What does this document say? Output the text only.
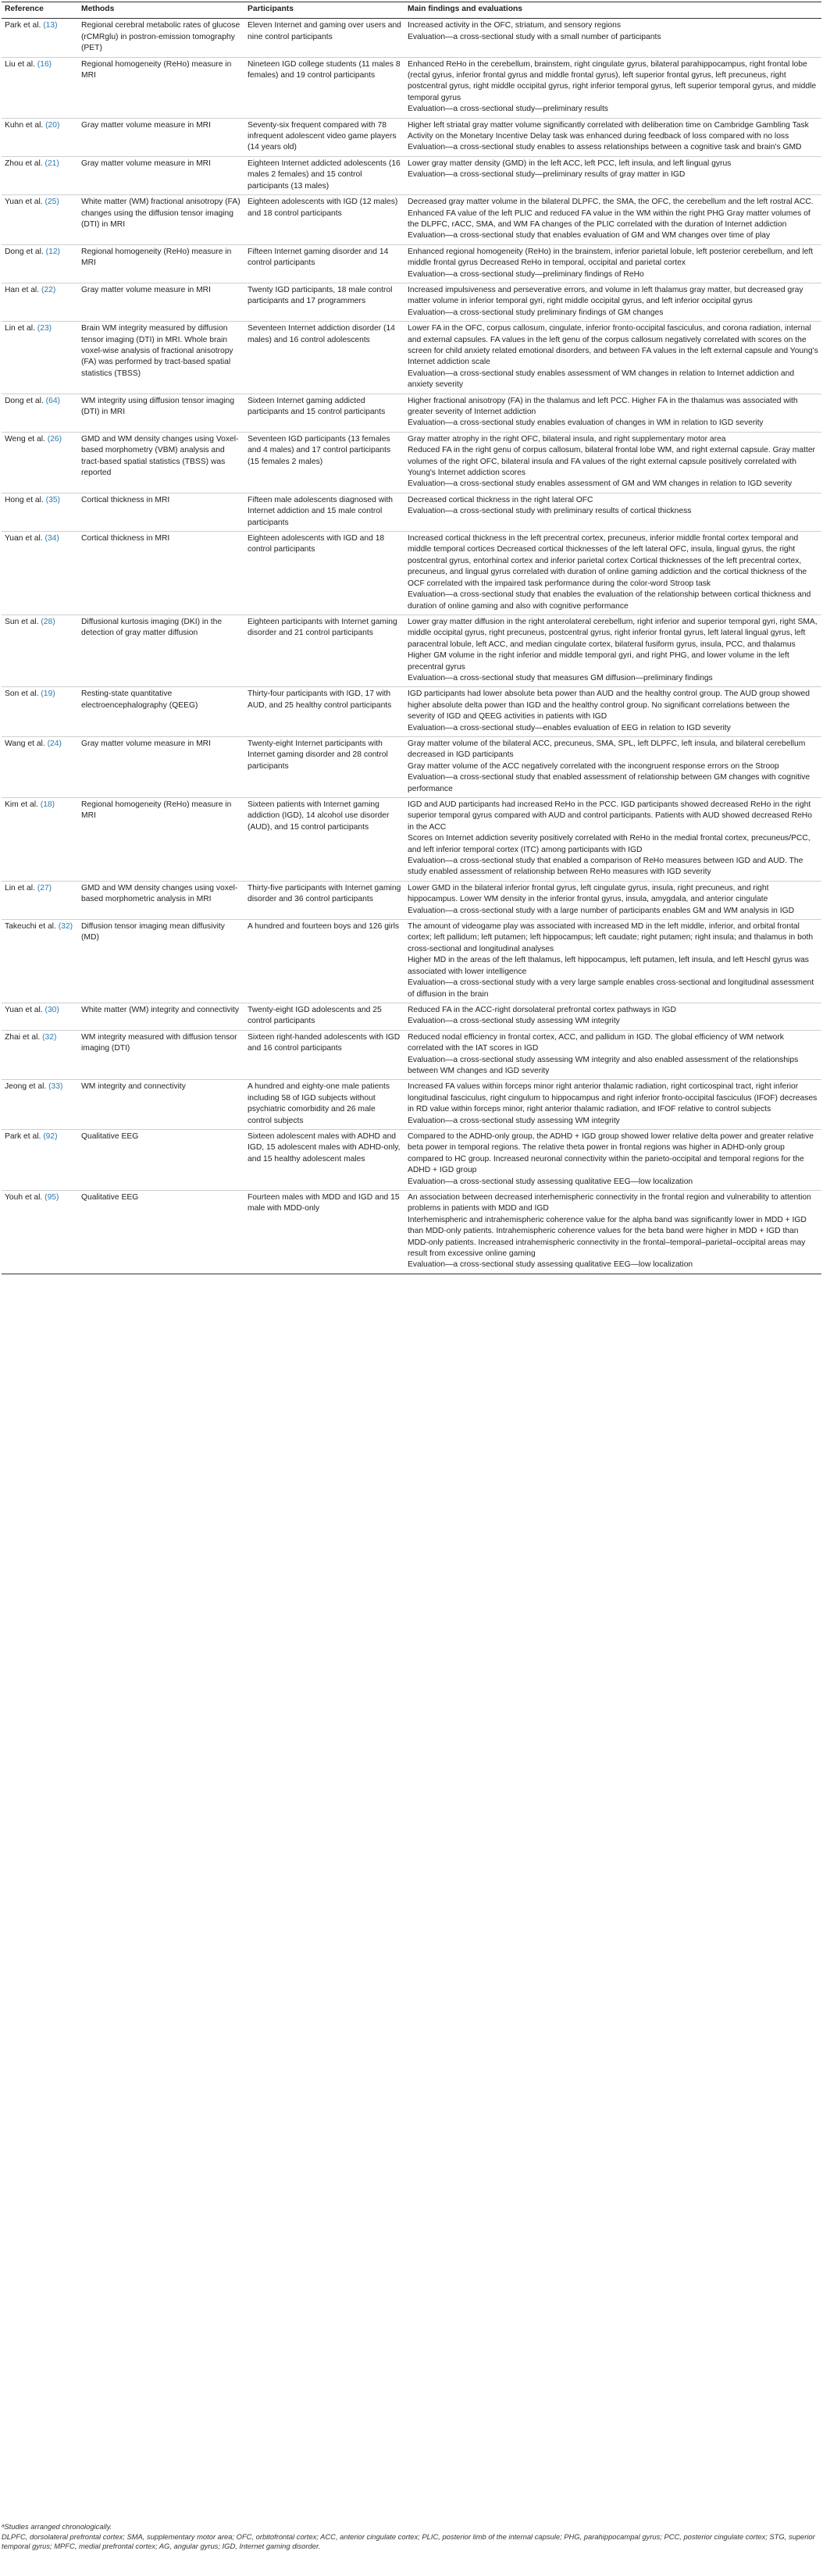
Reference	Methods	Participants	Main findings and evaluations
Park et al. (13)	Regional cerebral metabolic rates of glucose (rCMRglu) in postron-emission tomography (PET)	Eleven Internet and gaming over users and nine control participants	Increased activity in the OFC, striatum, and sensory regions
Evaluation—a cross-sectional study with a small number of participants

Liu et al. (16)	Regional homogeneity (ReHo) measure in MRI	Nineteen IGD college students (11 males 8 females) and 19 control participants	Enhanced ReHo in the cerebellum, brainstem, right cingulate gyrus, bilateral parahippocampus, right frontal lobe (rectal gyrus, inferior frontal gyrus and middle frontal gyrus), left superior frontal gyrus, left precuneus, right postcentral gyrus, right middle occipital gyrus, right inferior temporal gyrus, left superior temporal gyrus, and middle temporal gyrus
Evaluation—a cross-sectional study—preliminary results

Kuhn et al. (20)	Gray matter volume measure in MRI	Seventy-six frequent compared with 78 infrequent adolescent video game players (14 years old)	Higher left striatal gray matter volume significantly correlated with deliberation time on Cambridge Gambling Task Activity on the Monetary Incentive Delay task was enhanced during feedback of loss compared with no loss
Evaluation—a cross-sectional study enables to assess relationships between a cognitive task and brain's GMD

Zhou et al. (21)	Gray matter volume measure in MRI	Eighteen Internet addicted adolescents (16 males 2 females) and 15 control participants (13 males)	Lower gray matter density (GMD) in the left ACC, left PCC, left insula, and left lingual gyrus
Evaluation—a cross-sectional study—preliminary results of gray matter in IGD

Yuan et al. (25)	White matter (WM) fractional anisotropy (FA) changes using the diffusion tensor imaging (DTI) in MRI	Eighteen adolescents with IGD (12 males) and 18 control participants	Decreased gray matter volume in the bilateral DLPFC, the SMA, the OFC, the cerebellum and the left rostral ACC. Enhanced FA value of the left PLIC and reduced FA value in the WM within the right PHG Gray matter volumes of the DLPFC, rACC, SMA, and WM FA changes of the PLIC correlated with the duration of Internet addiction
Evaluation—a cross-sectional study that enables evaluation of GM and WM changes over time of play

Dong et al. (12)	Regional homogeneity (ReHo) measure in MRI	Fifteen Internet gaming disorder and 14 control participants	Enhanced regional homogeneity (ReHo) in the brainstem, inferior parietal lobule, left posterior cerebellum, and left middle frontal gyrus Decreased ReHo in temporal, occipital and parietal cortex
Evaluation—a cross-sectional study—preliminary findings of ReHo

Han et al. (22)	Gray matter volume measure in MRI	Twenty IGD participants, 18 male control participants and 17 programmers	Increased impulsiveness and perseverative errors, and volume in left thalamus gray matter, but decreased gray matter volume in inferior temporal gyri, right middle occipital gyrus, and left inferior occipital gyrus
Evaluation—a cross-sectional study preliminary findings of GM changes

Lin et al. (23)	Brain WM integrity measured by diffusion tensor imaging (DTI) in MRI. Whole brain voxel-wise analysis of fractional anisotropy (FA) was performed by tract-based spatial statistics (TBSS)	Seventeen Internet addiction disorder (14 males) and 16 control adolescents	Lower FA in the OFC, corpus callosum, cingulate, inferior fronto-occipital fasciculus, and corona radiation, internal and external capsules. FA values in the left genu of the corpus callosum negatively correlated with scores on the screen for child anxiety related emotional disorders, and between FA values in the left external capsule and Young's Internet addiction scale
Evaluation—a cross-sectional study enables assessment of WM changes in relation to Internet addiction and anxiety severity

Dong et al. (64)	WM integrity using diffusion tensor imaging (DTI) in MRI	Sixteen Internet gaming addicted participants and 15 control participants	Higher fractional anisotropy (FA) in the thalamus and left PCC. Higher FA in the thalamus was associated with greater severity of Internet addiction
Evaluation—a cross-sectional study enables evaluation of changes in WM in relation to IGD severity

Weng et al. (26)	GMD and WM density changes using Voxel-based morphometry (VBM) analysis and tract-based spatial statistics (TBSS) was reported	Seventeen IGD participants (13 females and 4 males) and 17 control participants (15 females 2 males)	Gray matter atrophy in the right OFC, bilateral insula, and right supplementary motor area
Reduced FA in the right genu of corpus callosum, bilateral frontal lobe WM, and right external capsule. Gray matter volumes of the right OFC, bilateral insula and FA values of the right external capsule positively correlated with Young's Internet addiction scores
Evaluation—a cross-sectional study enables assessment of GM and WM changes in relation to IGD severity

Hong et al. (35)	Cortical thickness in MRI	Fifteen male adolescents diagnosed with Internet addiction and 15 male control participants	Decreased cortical thickness in the right lateral OFC
Evaluation—a cross-sectional study with preliminary results of cortical thickness

Yuan et al. (34)	Cortical thickness in MRI	Eighteen adolescents with IGD and 18 control participants	Increased cortical thickness in the left precentral cortex, precuneus, inferior middle frontal cortex temporal and middle temporal cortices Decreased cortical thicknesses of the left lateral OFC, insula, lingual gyrus, the right postcentral gyrus, entorhinal cortex and inferior parietal cortex Cortical thicknesses of the left precentral cortex, precuneus, and lingual gyrus correlated with duration of online gaming addiction and the cortical thickness of the OCF correlated with the impaired task performance during the color-word Stroop task
Evaluation—a cross-sectional study that enables the evaluation of the relationship between cortical thickness and duration of online gaming and also with cognitive performance

Sun et al. (28)	Diffusional kurtosis imaging (DKI) in the detection of gray matter diffusion	Eighteen participants with Internet gaming disorder and 21 control participants	Lower gray matter diffusion in the right anterolateral cerebellum, right inferior and superior temporal gyri, right SMA, middle occipital gyrus, right precuneus, postcentral gyrus, right inferior frontal gyrus, left lateral lingual gyrus, left paracentral lobule, left ACC, and median cingulate cortex, bilateral fusiform gyrus, insula, PCC, and thalamus
Higher GM volume in the right inferior and middle temporal gyri, and right PHG, and lower volume in the left precentral gyrus
Evaluation—a cross-sectional study that measures GM diffusion—preliminary findings

Son et al. (19)	Resting-state quantitative electroencephalography (QEEG)	Thirty-four participants with IGD, 17 with AUD, and 25 healthy control participants	IGD participants had lower absolute beta power than AUD and the healthy control group. The AUD group showed higher absolute delta power than IGD and the healthy control group. No significant correlations between the severity of IGD and QEEG activities in patients with IGD
Evaluation—a cross-sectional study—enables evaluation of EEG in relation to IGD severity

Wang et al. (24)	Gray matter volume measure in MRI	Twenty-eight Internet participants with Internet gaming disorder and 28 control participants	Gray matter volume of the bilateral ACC, precuneus, SMA, SPL, left DLPFC, left insula, and bilateral cerebellum decreased in IGD participants
Gray matter volume of the ACC negatively correlated with the incongruent response errors on the Stroop
Evaluation—a cross-sectional study that enabled assessment of relationship between GM changes with cognitive performance

Kim et al. (18)	Regional homogeneity (ReHo) measure in MRI	Sixteen patients with Internet gaming addiction (IGD), 14 alcohol use disorder (AUD), and 15 control participants	IGD and AUD participants had increased ReHo in the PCC. IGD participants showed decreased ReHo in the right superior temporal gyrus compared with AUD and control participants. Patients with AUD showed decreased ReHo in the ACC
Scores on Internet addiction severity positively correlated with ReHo in the medial frontal cortex, precuneus/PCC, and left inferior temporal cortex (ITC) among participants with IGD
Evaluation—a cross-sectional study that enabled a comparison of ReHo measures between IGD and AUD. The study enabled assessment of relationship between ReHo measures with IGD severity

Lin et al. (27)	GMD and WM density changes using voxel-based morphometric analysis in MRI	Thirty-five participants with Internet gaming disorder and 36 control participants	Lower GMD in the bilateral inferior frontal gyrus, left cingulate gyrus, insula, right precuneus, and right hippocampus. Lower WM density in the inferior frontal gyrus, insula, amygdala, and anterior cingulate
Evaluation—a cross-sectional study with a large number of participants enables GM and WM analysis in IGD

Takeuchi et al. (32)	Diffusion tensor imaging mean diffusivity (MD)	A hundred and fourteen boys and 126 girls	The amount of videogame play was associated with increased MD in the left middle, inferior, and orbital frontal cortex; left pallidum; left putamen; left hippocampus; left caudate; right putamen; right insula; and thalamus in both cross-sectional and longitudinal analyses
Higher MD in the areas of the left thalamus, left hippocampus, left putamen, left insula, and left Heschl gyrus was associated with lower intelligence
Evaluation—a cross-sectional study with a very large sample enables cross-sectional and longitudinal assessment of diffusion in the brain

Yuan et al. (30)	White matter (WM) integrity and connectivity	Twenty-eight IGD adolescents and 25 control participants	Reduced FA in the ACC-right dorsolateral prefrontal cortex pathways in IGD
Evaluation—a cross-sectional study assessing WM integrity

Zhai et al. (32)	WM integrity measured with diffusion tensor imaging (DTI)	Sixteen right-handed adolescents with IGD and 16 control participants	Reduced nodal efficiency in frontal cortex, ACC, and pallidum in IGD. The global efficiency of WM network correlated with the IAT scores in IGD
Evaluation—a cross-sectional study assessing WM integrity and also enabled assessment of the relationships between WM changes and IGD severity

Jeong et al. (33)	WM integrity and connectivity	A hundred and eighty-one male patients including 58 of IGD subjects without psychiatric comorbidity and 26 male control subjects	Increased FA values within forceps minor right anterior thalamic radiation, right corticospinal tract, right inferior longitudinal fasciculus, right cingulum to hippocampus and right inferior fronto-occipital fasciculus (IFOF) decreases in RD value within forceps minor, right anterior thalamic radiation, and IFOF relative to control subjects
Evaluation—a cross-sectional study assessing WM integrity

Park et al. (92)	Qualitative EEG	Sixteen adolescent males with ADHD and IGD, 15 adolescent males with ADHD-only, and 15 healthy adolescent males	Compared to the ADHD-only group, the ADHD + IGD group showed lower relative delta power and greater relative beta power in temporal regions. The relative theta power in frontal regions was higher in ADHD-only group compared to HC group. Increased neuronal connectivity within the parieto-occipital and temporal regions for the ADHD + IGD group
Evaluation—a cross-sectional study assessing qualitative EEG—low localization

Youh et al. (95)	Qualitative EEG	Fourteen males with MDD and IGD and 15 male with MDD-only	An association between decreased interhemispheric connectivity in the frontal region and vulnerability to attention problems in patients with MDD and IGD
Interhemispheric and intrahemispheric coherence value for the alpha band was significantly lower in MDD + IGD than MDD-only patients. Intrahemispheric coherence values for the beta band were higher in MDD + IGD than MDD-only patients. Increased intrahemispheric connectivity in the frontal–temporal–parietal–occipital areas may result from excessive online gaming
Evaluation—a cross-sectional study assessing qualitative EEG—low localization

ᵃStudies arranged chronologically.

DLPFC, dorsolateral prefrontal cortex; SMA, supplementary motor area; OFC, orbitofrontal cortex; ACC, anterior cingulate cortex; PLIC, posterior limb of the internal capsule; PHG, parahippocampal gyrus; PCC, posterior cingulate cortex; STG, superior temporal gyrus; MPFC, medial prefrontal cortex; AG, angular gyrus; IGD, Internet gaming disorder.
